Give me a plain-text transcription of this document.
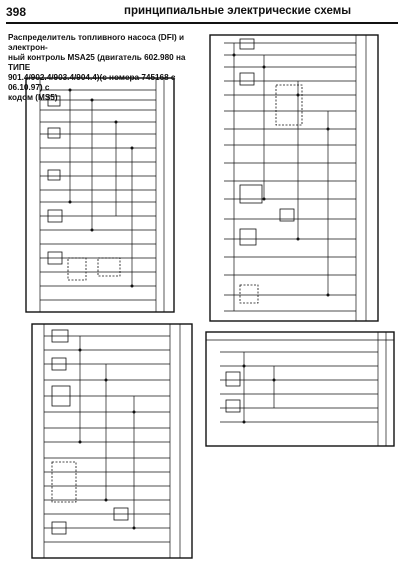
398	принципиальные электрические схемы
Распределитель топливного насоса (DFI) и электрон-
ный контроль MSA25 (двигатель 602.980 на ТИПЕ
901.4/902.4/903.4/904.4)(с номера 745168 с 06.10.97) с
кодом (MS5)
